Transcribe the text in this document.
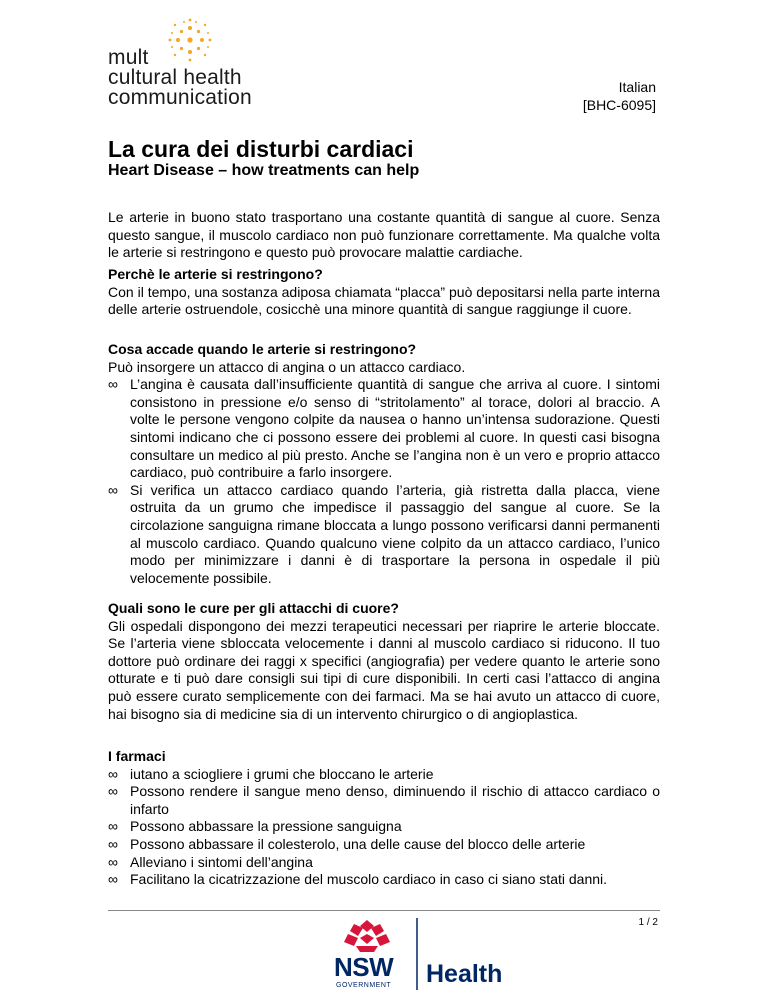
mult
cultural health
communication	Italian
[BHC-6095]
La cura dei disturbi cardiaci
Heart Disease – how treatments can help
Le arterie in buono stato trasportano una costante quantità di sangue al cuore. Senza questo sangue, il muscolo cardiaco non può funzionare correttamente. Ma qualche volta le arterie si restringono e questo può provocare malattie cardiache.
Perchè le arterie si restringono?
Con il tempo, una sostanza adiposa chiamata “placca” può depositarsi nella parte interna delle arterie ostruendole, cosicchè una minore quantità di sangue raggiunge il cuore.
Cosa accade quando le arterie si restringono?
Può insorgere un attacco di angina o un attacco cardiaco.
∞ L’angina è causata dall’insufficiente quantità di sangue che arriva al cuore. I sintomi consistono in pressione e/o senso di “stritolamento” al torace, dolori al braccio. A volte le persone vengono colpite da nausea o hanno un’intensa sudorazione. Questi sintomi indicano che ci possono essere dei problemi al cuore. In questi casi bisogna consultare un medico al più presto. Anche se l’angina non è un vero e proprio attacco cardiaco, può contribuire a farlo insorgere.
∞ Si verifica un attacco cardiaco quando l’arteria, già ristretta dalla placca, viene ostruita da un grumo che impedisce il passaggio del sangue al cuore. Se la circolazione sanguigna rimane bloccata a lungo possono verificarsi danni permanenti al muscolo cardiaco. Quando qualcuno viene colpito da un attacco cardiaco, l’unico modo per minimizzare i danni è di trasportare la persona in ospedale il più velocemente possibile.
Quali sono le cure per gli attacchi di cuore?
Gli ospedali dispongono dei mezzi terapeutici necessari per riaprire le arterie bloccate. Se l’arteria viene sbloccata velocemente i danni al muscolo cardiaco si riducono. Il tuo dottore può ordinare dei raggi x specifici (angiografia) per vedere quanto le arterie sono otturate e ti può dare consigli sui tipi di cure disponibili. In certi casi l’attacco di angina può essere curato semplicemente con dei farmaci. Ma se hai avuto un attacco di cuore, hai bisogno sia di medicine sia di un intervento chirurgico o di angioplastica.
I farmaci
∞ iutano a sciogliere i grumi che bloccano le arterie
∞ Possono rendere il sangue meno denso, diminuendo il rischio di attacco cardiaco o infarto
∞ Possono abbassare la pressione sanguigna
∞ Possono abbassare il colesterolo, una delle cause del blocco delle arterie
∞ Alleviano i sintomi dell’angina
∞ Facilitano la cicatrizzazione del muscolo cardiaco in caso ci siano stati danni.
1 / 2
NSW
GOVERNMENT Health
